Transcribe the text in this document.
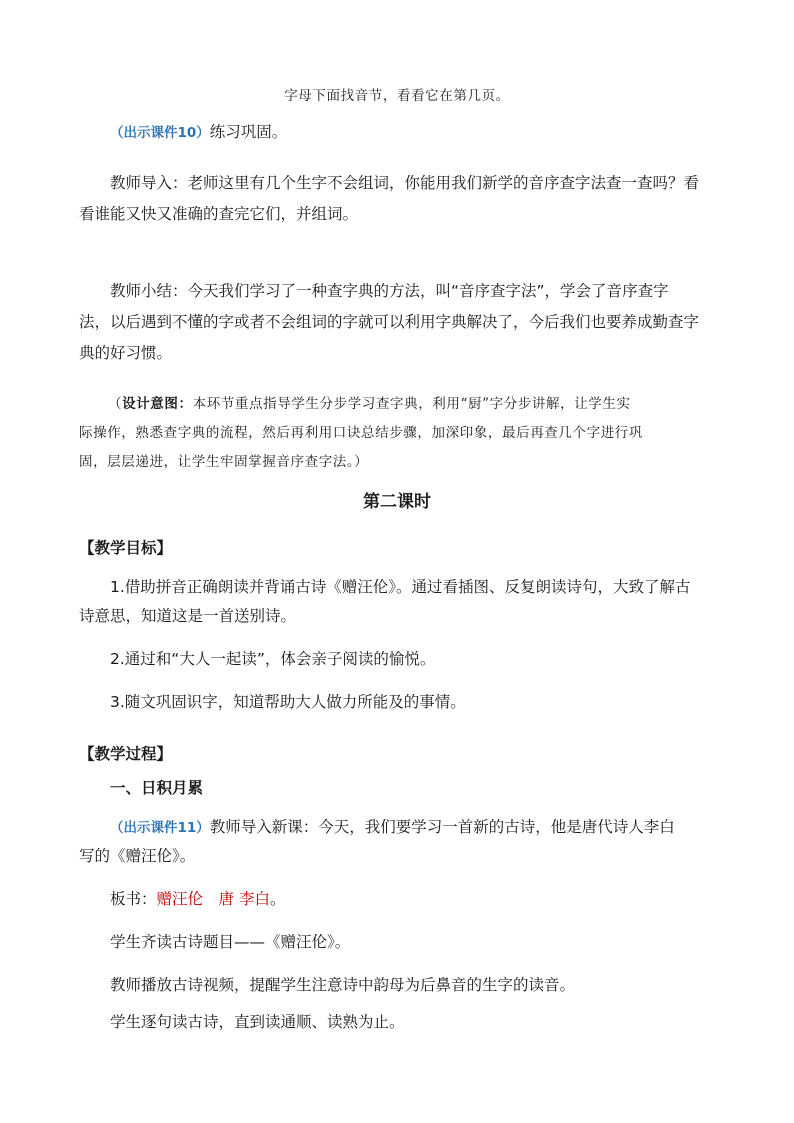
字母下面找音节，看看它在第几页。
（出示课件10）练习巩固。
教师导入：老师这里有几个生字不会组词，你能用我们新学的音序查字法查一查吗？看
看谁能又快又准确的查完它们，并组词。
教师小结：今天我们学习了一种查字典的方法，叫“音序查字法”，学会了音序查字
法，以后遇到不懂的字或者不会组词的字就可以利用字典解决了，今后我们也要养成勤查字
典的好习惯。
（设计意图：本环节重点指导学生分步学习查字典，利用“厨”字分步讲解，让学生实
际操作，熟悉查字典的流程，然后再利用口诀总结步骤，加深印象，最后再查几个字进行巩
固，层层递进，让学生牢固掌握音序查字法。）
第二课时
【教学目标】
1.借助拼音正确朗读并背诵古诗《赠汪伦》。通过看插图、反复朗读诗句，大致了解古
诗意思，知道这是一首送别诗。
2.通过和“大人一起读”，体会亲子阅读的愉悦。
3.随文巩固识字，知道帮助大人做力所能及的事情。
【教学过程】
一、日积月累
（出示课件11）教师导入新课：今天，我们要学习一首新的古诗，他是唐代诗人李白
写的《赠汪伦》。
板书：赠汪伦　唐 李白。
学生齐读古诗题目——《赠汪伦》。
教师播放古诗视频，提醒学生注意诗中韵母为后鼻音的生字的读音。
学生逐句读古诗，直到读通顺、读熟为止。
